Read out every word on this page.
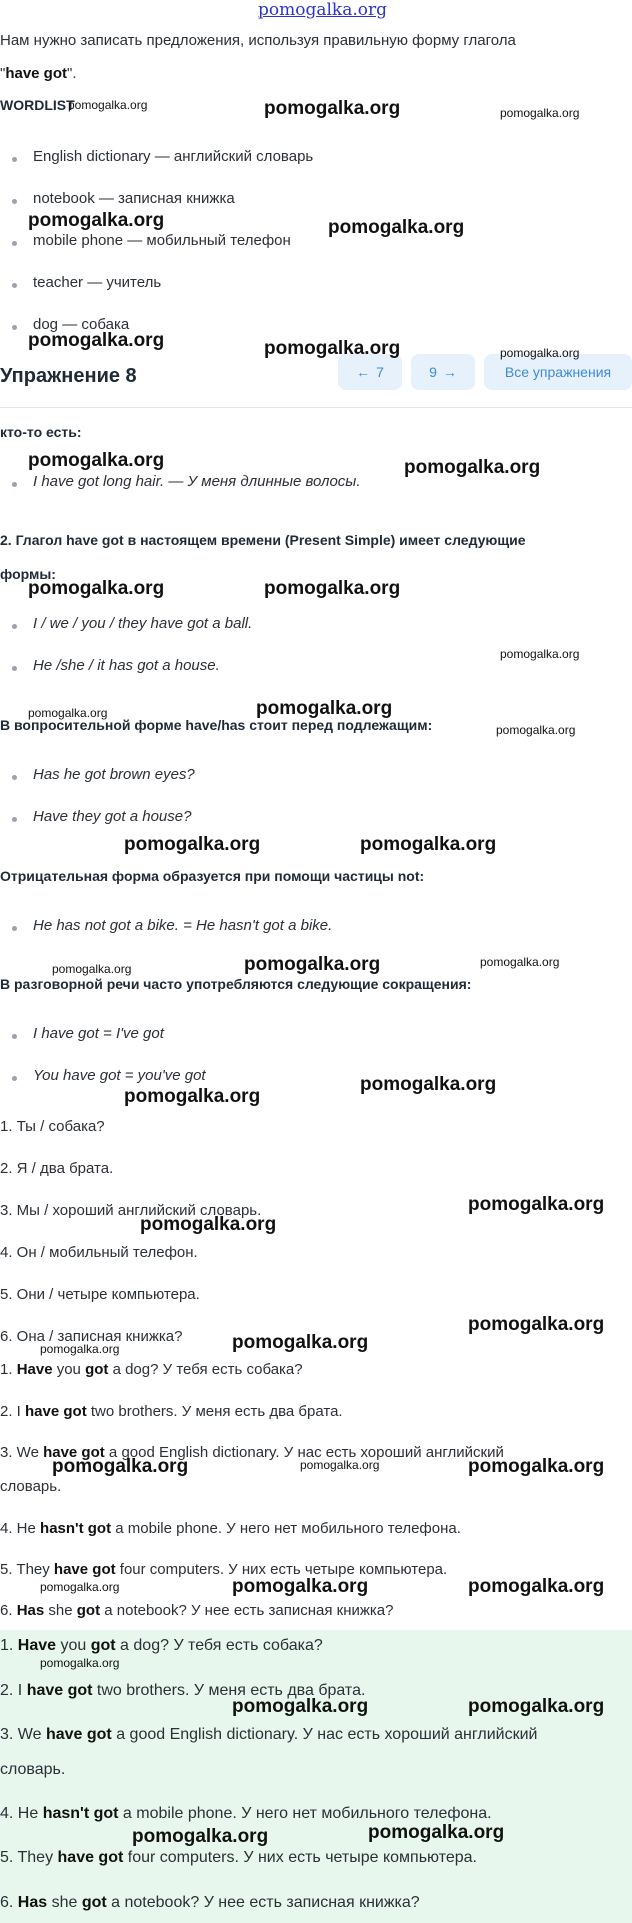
pomogalka.org
Нам нужно записать предложения, используя правильную форму глагола
"have got".
WORDLIST
English dictionary — английский словарь
notebook — записная книжка
mobile phone — мобильный телефон
teacher — учитель
dog — собака
Упражнение 8	← 7	9 →	Все упражнения
кто-то есть:
I have got long hair. — У меня длинные волосы.
2. Глагол have got в настоящем времени (Present Simple) имеет следующие
формы:
I / we / you / they have got a ball.
He /she / it has got a house.
В вопросительной форме have/has стоит перед подлежащим:
Has he got brown eyes?
Have they got a house?
Отрицательная форма образуется при помощи частицы not:
He has not got a bike. = He hasn't got a bike.
В разговорной речи часто употребляются следующие сокращения:
I have got = I've got
You have got = you've got
1. Ты / собака?
2. Я / два брата.
3. Мы / хороший английский словарь.
4. Он / мобильный телефон.
5. Они / четыре компьютера.
6. Она / записная книжка?
1. Have you got a dog? У тебя есть собака?
2. I have got two brothers. У меня есть два брата.
3. We have got a good English dictionary. У нас есть хороший английский
словарь.
4. He hasn't got a mobile phone. У него нет мобильного телефона.
5. They have got four computers. У них есть четыре компьютера.
6. Has she got a notebook? У нее есть записная книжка?
1. Have you got a dog? У тебя есть собака?
2. I have got two brothers. У меня есть два брата.
3. We have got a good English dictionary. У нас есть хороший английский
словарь.
4. He hasn't got a mobile phone. У него нет мобильного телефона.
5. They have got four computers. У них есть четыре компьютера.
6. Has she got a notebook? У нее есть записная книжка?
pomogalka.org	pomogalka.org	pomogalka.org
pomogalka.org	pomogalka.org
pomogalka.org	pomogalka.org	pomogalka.org
pomogalka.org	pomogalka.org
pomogalka.org	pomogalka.org
pomogalka.org
pomogalka.org	pomogalka.org
pomogalka.org
pomogalka.org	pomogalka.org
pomogalka.org	pomogalka.org	pomogalka.org
pomogalka.org
pomogalka.org
pomogalka.org
pomogalka.org
pomogalka.org
pomogalka.org
pomogalka.org
pomogalka.org	pomogalka.org	pomogalka.org
pomogalka.org	pomogalka.org
pomogalka.org
pomogalka.org
pomogalka.org	pomogalka.org
pomogalka.org	pomogalka.org
